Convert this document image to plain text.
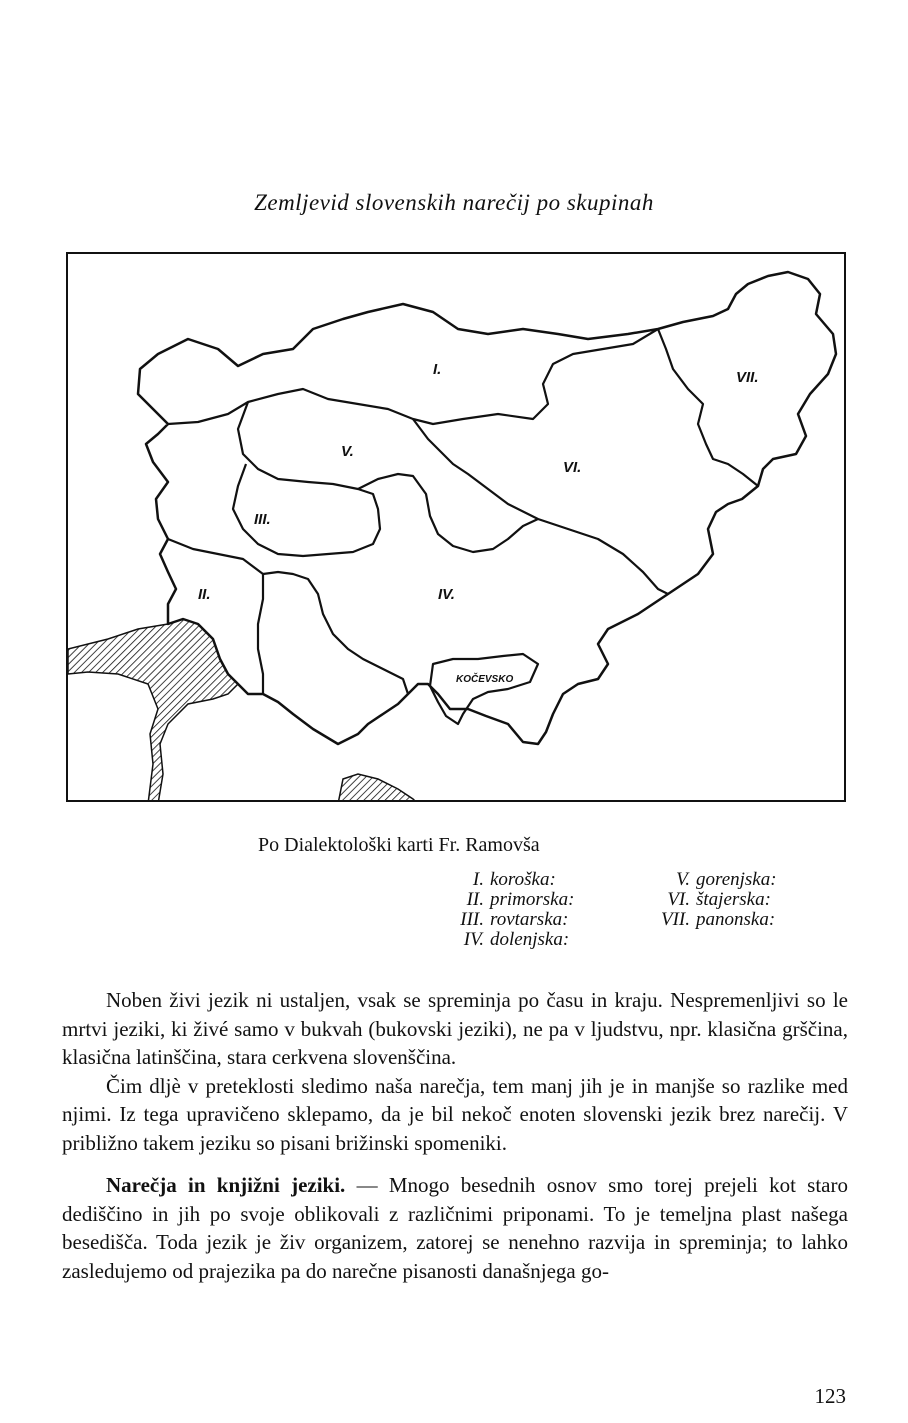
Zemljevid slovenskih narečij po skupinah
I.
II.
III.
IV.
V.
VI.
VII.
KOČEVSKO
Po Dialektološki karti Fr. Ramovša
I. koroška:
II. primorska:
III. rovtarska:
IV. dolenjska:
V. gorenjska:
VI. štajerska:
VII. panonska:

Noben živi jezik ni ustaljen, vsak se spreminja po času in kraju. Nespremenljivi so le mrtvi jeziki, ki živé samo v bukvah (bukovski jeziki), ne pa v ljudstvu, npr. klasična grščina, klasična latinščina, stara cerkvena slovenščina.

Čim dljè v preteklosti sledimo naša narečja, tem manj jih je in manjše so razlike med njimi. Iz tega upravičeno sklepamo, da je bil nekoč enoten slovenski jezik brez narečij. V približno takem jeziku so pisani brižinski spomeniki.

Narečja in knjižni jeziki. — Mnogo besednih osnov smo torej prejeli kot staro dediščino in jih po svoje oblikovali z različnimi priponami. To je temeljna plast našega besedišča. Toda jezik je živ organizem, zatorej se nenehno razvija in spreminja; to lahko zasledujemo od prajezika pa do narečne pisanosti današnjega go-

123
